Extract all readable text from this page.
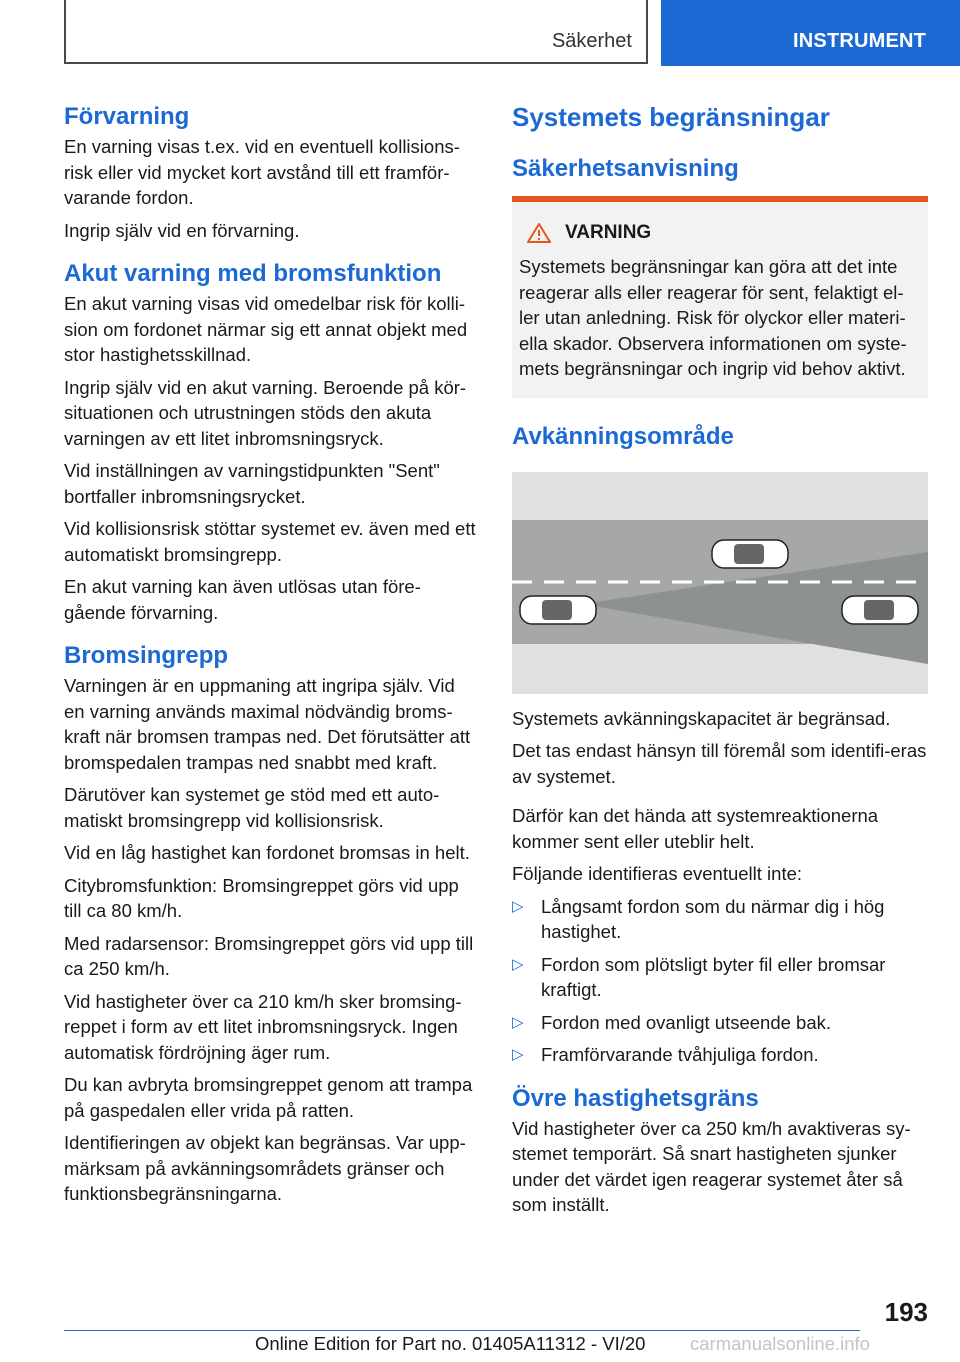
Säkerhet	INSTRUMENT
Förvarning

En varning visas t.ex. vid en eventuell kollisions-risk eller vid mycket kort avstånd till ett framför-varande fordon.

Ingrip själv vid en förvarning.

Akut varning med bromsfunktion

En akut varning visas vid omedelbar risk för kolli-sion om fordonet närmar sig ett annat objekt med stor hastighetsskillnad.

Ingrip själv vid en akut varning. Beroende på kör-situationen och utrustningen stöds den akuta varningen av ett litet inbromsningsryck.

Vid inställningen av varningstidpunkten "Sent" bortfaller inbromsningsrycket.

Vid kollisionsrisk stöttar systemet ev. även med ett automatiskt bromsingrepp.

En akut varning kan även utlösas utan före-gående förvarning.

Bromsingrepp

Varningen är en uppmaning att ingripa själv. Vid en varning används maximal nödvändig broms-kraft när bromsen trampas ned. Det förutsätter att bromspedalen trampas ned snabbt med kraft.

Därutöver kan systemet ge stöd med ett auto-matiskt bromsingrepp vid kollisionsrisk.

Vid en låg hastighet kan fordonet bromsas in helt.

Citybromsfunktion: Bromsingreppet görs vid upp till ca 80 km/h.

Med radarsensor: Bromsingreppet görs vid upp till ca 250 km/h.

Vid hastigheter över ca 210 km/h sker bromsing-reppet i form av ett litet inbromsningsryck. Ingen automatisk fördröjning äger rum.

Du kan avbryta bromsingreppet genom att trampa på gaspedalen eller vrida på ratten.

Identifieringen av objekt kan begränsas. Var upp-märksam på avkänningsområdets gränser och funktionsbegränsningarna.

Systemets begränsningar
Säkerhetsanvisning
VARNING

Systemets begränsningar kan göra att det inte reagerar alls eller reagerar för sent, felaktigt el-ler utan anledning. Risk för olyckor eller materi-ella skador. Observera informationen om syste-mets begränsningar och ingrip vid behov aktivt.

Avkänningsområde

Systemets avkänningskapacitet är begränsad.

Det tas endast hänsyn till föremål som identifi-eras av systemet.

Därför kan det hända att systemreaktionerna kommer sent eller uteblir helt.

Följande identifieras eventuellt inte:

▷ Långsamt fordon som du närmar dig i hög hastighet.
▷ Fordon som plötsligt byter fil eller bromsar kraftigt.
▷ Fordon med ovanligt utseende bak.
▷ Framförvarande tvåhjuliga fordon.
Övre hastighetsgräns

Vid hastigheter över ca 250 km/h avaktiveras sy-stemet temporärt. Så snart hastigheten sjunker under det värdet igen reagerar systemet åter så som inställt.

193
Online Edition for Part no. 01405A11312 - VI/20 carmanualsonline.info
